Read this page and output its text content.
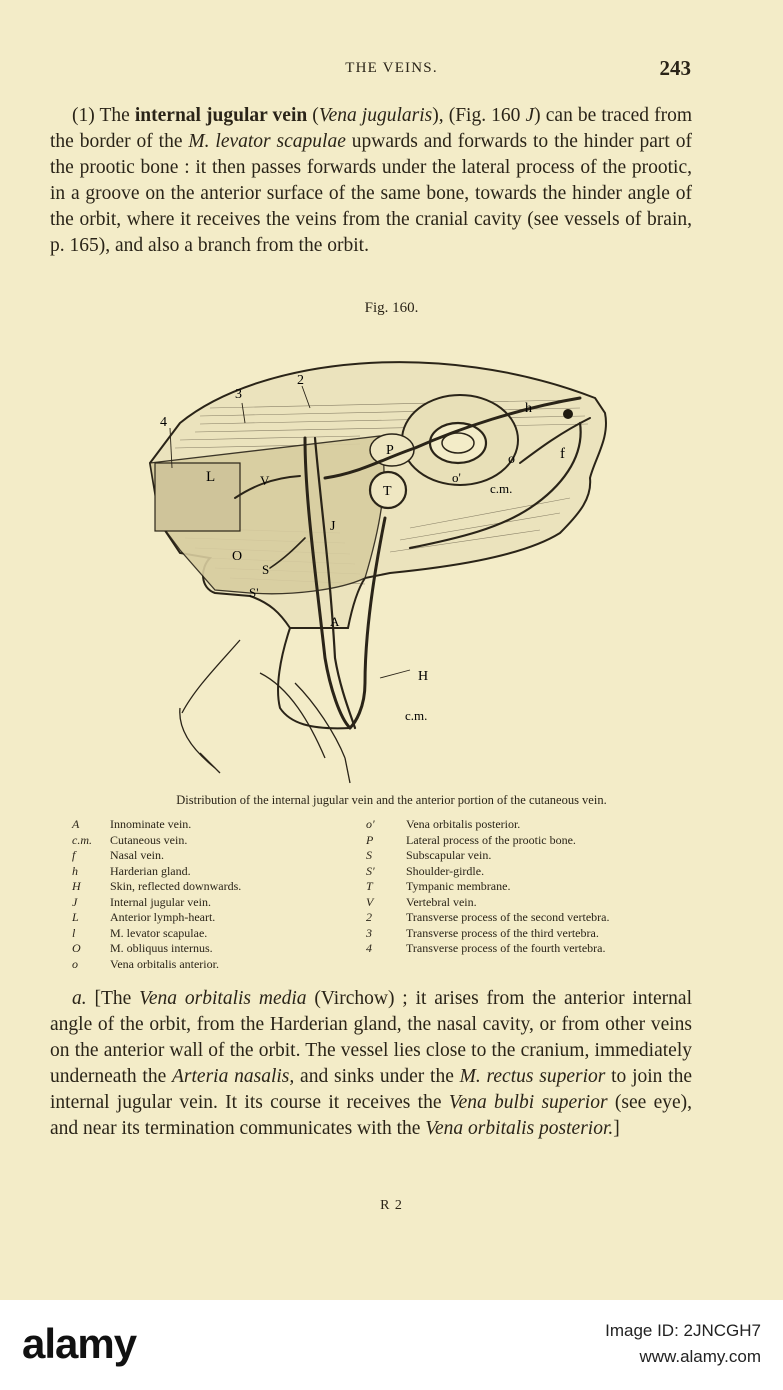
THE VEINS.	243
(1) The internal jugular vein (Vena jugularis), (Fig. 160 J) can be traced from the border of the M. levator scapulae upwards and forwards to the hinder part of the prootic bone : it then passes forwards under the lateral process of the prootic, in a groove on the anterior surface of the same bone, towards the hinder angle of the orbit, where it receives the veins from the cranial cavity (see vessels of brain, p. 165), and also a branch from the orbit.
Fig. 160.
3
2
4
L	V
P
T
h
o
o'
f
c.m.
J
O
S
S'
A
H
c.m.
Distribution of the internal jugular vein and the anterior portion of the cutaneous vein.
A	Innominate vein.
c.m.	Cutaneous vein.
f	Nasal vein.
h	Harderian gland.
H	Skin, reflected downwards.
J	Internal jugular vein.
L	Anterior lymph-heart.
l	M. levator scapulae.
O	M. obliquus internus.
o	Vena orbitalis anterior.
o'	Vena orbitalis posterior.
P	Lateral process of the prootic bone.
S	Subscapular vein.
S'	Shoulder-girdle.
T	Tympanic membrane.
V	Vertebral vein.
2	Transverse process of the second vertebra.
3	Transverse process of the third vertebra.
4	Transverse process of the fourth vertebra.
a. [The Vena orbitalis media (Virchow) ; it arises from the anterior internal angle of the orbit, from the Harderian gland, the nasal cavity, or from other veins on the anterior wall of the orbit. The vessel lies close to the cranium, immediately underneath the Arteria nasalis, and sinks under the M. rectus superior to join the internal jugular vein. It its course it receives the Vena bulbi superior (see eye), and near its termination communicates with the Vena orbitalis posterior.]
R 2
alamy	Image ID: 2JNCGH7
www.alamy.com
